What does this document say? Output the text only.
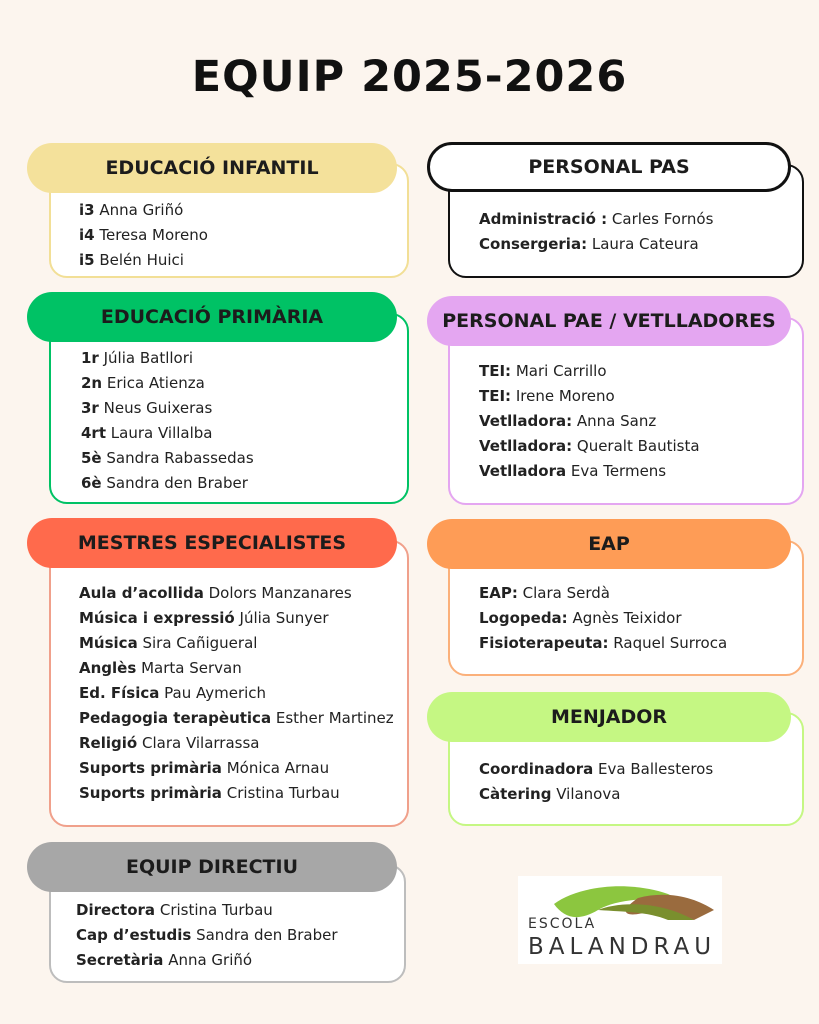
EQUIP 2025-2026
EDUCACIÓ INFANTIL
i3 Anna Griñó
i4 Teresa Moreno
i5 Belén Huici
EDUCACIÓ PRIMÀRIA
1r Júlia Batllori
2n Erica Atienza
3r Neus Guixeras
4rt Laura Villalba
5è Sandra Rabassedas
6è Sandra den Braber
MESTRES ESPECIALISTES
Aula d’acollida Dolors Manzanares
Música i expressió Júlia Sunyer
Música Sira Cañigueral
Anglès Marta Servan
Ed. Física Pau Aymerich
Pedagogia terapèutica Esther Martinez
Religió Clara Vilarrassa
Suports primària Mónica Arnau
Suports primària Cristina Turbau
EQUIP DIRECTIU
Directora Cristina Turbau
Cap d’estudis Sandra den Braber
Secretària Anna Griñó
PERSONAL PAS
Administració : Carles Fornós
Consergeria: Laura Cateura
PERSONAL PAE / VETLLADORES
TEI: Mari Carrillo
TEI: Irene Moreno
Vetlladora: Anna Sanz
Vetlladora: Queralt Bautista
Vetlladora Eva Termens
EAP
EAP: Clara Serdà
Logopeda: Agnès Teixidor
Fisioterapeuta: Raquel Surroca
MENJADOR
Coordinadora Eva Ballesteros
Càtering Vilanova
ESCOLA
BALANDRAU
